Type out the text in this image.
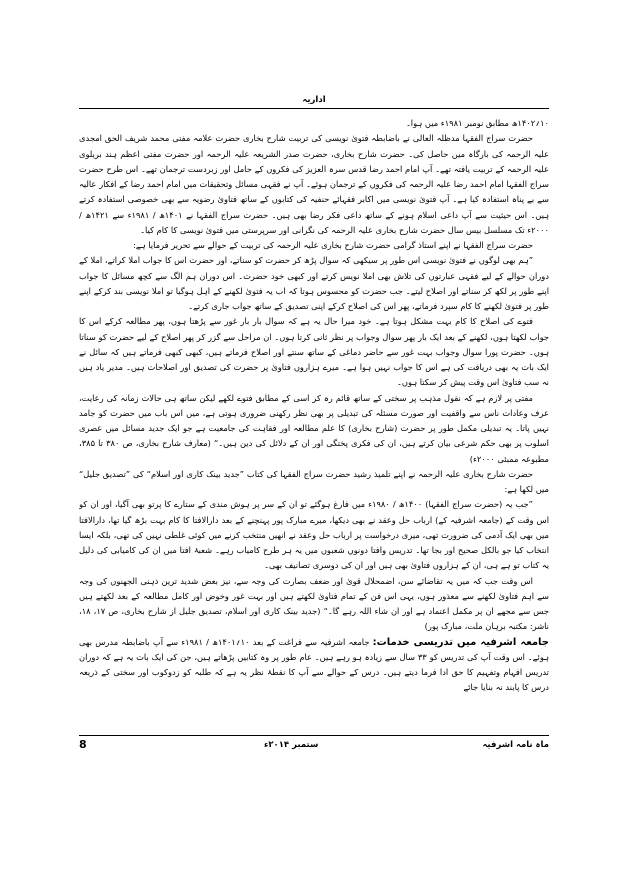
اداریہ

۱۰؍۱۴۰۲ھ مطابق نومبر ۱۹۸۱ء میں ہوا۔

حضرت سراج الفقہا مدظلہ العالی نے باضابطہ فتویٰ نویسی کی تربیت شارح بخاری حضرت علامہ مفتی محمد شریف الحق امجدی علیہ الرحمہ کی بارگاہ میں حاصل کی۔ حضرت شارح بخاری، حضرت صدر الشریعہ علیہ الرحمہ اور حضرت مفتی اعظم ہند بریلوی علیہ الرحمہ کے تربیت یافتہ تھے۔ آپ امام احمد رضا قدس سرہ العزیز کی فکروں کے حامل اور زبردست ترجمان تھے۔ اس طرح حضرت سراج الفقہا امام احمد رضا علیہ الرحمہ کی فکروں کے ترجمان ہوئے۔ آپ نے فقہی مسائل وتحقیقات میں امام احمد رضا کے افکار عالیہ سے بے پناہ استفادہ کیا ہے۔ آپ فتویٰ نویسی میں اکابر فقہائے حنفیہ کی کتابوں کے ساتھ فتاویٰ رضویہ سے بھی خصوصی استفادہ کرتے ہیں۔ اس حیثیت سے آپ داعی اسلام ہونے کے ساتھ داعی فکر رضا بھی ہیں۔ حضرت سراج الفقہا نے ۱۴۰۱ھ / ۱۹۸۱ء سے ۱۴۲۱ھ / ۲۰۰۰ء تک مسلسل بیس سال حضرت شارح بخاری علیہ الرحمہ کی نگرانی اور سرپرستی میں فتویٰ نویسی کا کام کیا۔

حضرت سراج الفقہا نے اپنے استاذ گرامی حضرت شارح بخاری علیہ الرحمہ کی تربیت کے حوالے سے تحریر فرمایا ہے:

”ہم بھی لوگوں نے فتویٰ نویسی اس طور پر سیکھی کہ سوال پڑھ کر حضرت کو سناتے، اور حضرت اس کا جواب املا کراتے، املا کے دوران حوالے کے لیے فقہی عبارتوں کی تلاش بھی املا نویس کرتے اور کبھی خود حضرت۔ اس دوران ہم الگ سے کچھ مسائل کا جواب اپنے طور پر لکھ کر سناتے اور اصلاح لیتے۔ جب حضرت کو محسوس ہوتا کہ اب یہ فتویٰ لکھنے کے اہل ہوگیا تو املا نویسی بند کرکے اپنے طور پر فتویٰ لکھنے کا کام سپرد فرماتے، پھر اس کی اصلاح کرکے اپنی تصدیق کے ساتھ جواب جاری کرتے۔

فتوے کی اصلاح کا کام بہت مشکل ہوتا ہے۔ خود میرا حال یہ ہے کہ سوال بار بار غور سے پڑھتا ہوں، پھر مطالعہ کرکے اس کا جواب لکھتا ہوں، لکھنے کے بعد ایک بار پھر سوال وجواب پر نظر ثانی کرتا ہوں۔ ان مراحل سے گزر کر پھر اصلاح کے لیے حضرت کو سناتا ہوں۔ حضرت پورا سوال وجواب بہت غور سے حاضر دماغی کے ساتھ سنتے اور اصلاح فرماتے ہیں، کبھی کبھی فرماتے ہیں کہ سائل نے ایک بات یہ بھی دریافت کی ہے اس کا جواب نہیں ہوا ہے۔ میرے ہزاروں فتاویٰ پر حضرت کی تصدیق اور اصلاحات ہیں۔ مدیر یاد ہیں نہ سب فتاویٰ اس وقت پیش کر سکتا ہوں۔

مفتی پر لازم ہے کہ نقول مذہب پر سختی کے ساتھ قائم رہ کر اسی کے مطابق فتوے لکھے لیکن ساتھ ہی حالات زمانہ کی رعایت، عرف وعادات ناس سے واقفیت اور صورت مسئلہ کی تبدیلی پر بھی نظر رکھنی ضروری ہوتی ہے، میں اس باب میں حضرت کو جامد نہیں پاتا۔ یہ تبدیلی مکمل طور پر حضرت (شارح بخاری) کا علم مطالعہ اور فقاہت کی جامعیت ہے جو ایک جدید مسائل میں عصری اسلوب پر بھی حکم شرعی بیان کرتے ہیں، ان کی فکری پختگی اور ان کے دلائل کی دین ہیں۔“ (معارف شارح بخاری، ص ۳۸۰ تا ۳۸۵، مطبوعہ ممبئی ۲۰۰۰ء)

حضرت شارح بخاری علیہ الرحمہ نے اپنے تلمیذ رشید حضرت سراج الفقہا کی کتاب ”جدید بینک کاری اور اسلام“ کی ”تصدیق جلیل“ میں لکھا ہے:

”جب یہ (حضرت سراج الفقہا) ۱۴۰۰ھ / ۱۹۸۰ء میں فارغ ہوگئے تو ان کے سر پر ہوش مندی کے ستارے کا پرتو بھی آگیا، اور ان کو اس وقت کے (جامعہ اشرفیہ کے) ارباب حل وعقد نے بھی دیکھا، میرے مبارک پور پہنچنے کے بعد دارالافتا کا کام بہت بڑھ گیا تھا، دارالافتا میں بھی ایک آدمی کی ضرورت تھی، میری درخواست پر ارباب حل وعقد نے انھیں منتخب کرنے میں کوئی غلطی نہیں کی تھی، بلکہ ایسا انتخاب کیا جو بالکل صحیح اور بجا تھا۔ تدریس وافتا دونوں شعبوں میں یہ ہر طرح کامیاب رہے۔ شعبۂ افتا میں ان کی کامیابی کی دلیل یہ کتاب تو ہے ہی، ان کے ہزاروں فتاویٰ بھی ہیں اور ان کی دوسری تصانیف بھی۔

اس وقت جب کہ میں یہ تقاضائے سن، اضمحلال قویٰ اور ضعف بصارت کی وجہ سے، نیز بعض شدید ترین ذہنی الجھنوں کی وجہ سے اہم فتاویٰ لکھنے سے معذور ہوں، یہی اس فن کے تمام فتاویٰ لکھتے ہیں اور بہت غور وخوض اور کامل مطالعہ کے بعد لکھتے ہیں جس سے مجھے ان پر مکمل اعتماد ہے اور ان شاء اللہ رہے گا۔“ (جدید بینک کاری اور اسلام، تصدیق جلیل از شارح بخاری، ص ۱۷، ۱۸، ناشر: مکتبہ برہان ملت، مبارک پور)

جامعہ اشرفیہ میں تدریسی خدمات: جامعہ اشرفیہ سے فراغت کے بعد ۱۰؍۱۴۰۱ھ / ۱۹۸۱ء سے آپ باضابطہ مدرس بھی ہوئے۔ اس وقت آپ کی تدریس کو ۳۳ سال سے زیادہ ہو رہے ہیں۔ عام طور پر وہ کتابیں پڑھاتے ہیں، جن کی ایک بات یہ ہے کہ دوران تدریس افہام وتفہیم کا حق ادا فرما دیتے ہیں۔ درس کے حوالے سے آپ کا نقطۂ نظر یہ ہے کہ طلبہ کو زدوکوب اور سختی کے ذریعہ درس کا پابند نہ بنایا جائے

8	ستمبر ۲۰۱۴ء	ماہ نامہ اشرفیہ
